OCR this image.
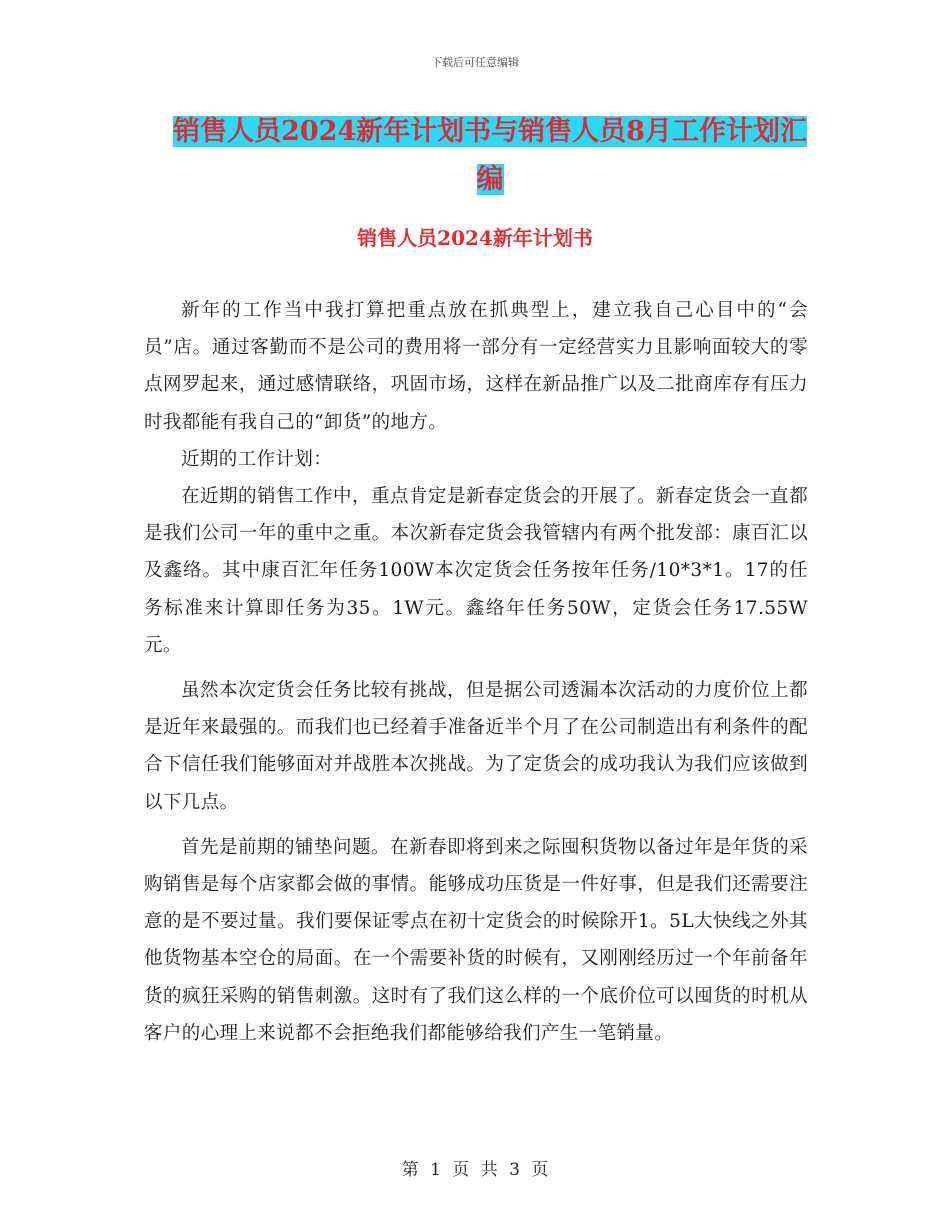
下载后可任意编辑
销售人员2024新年计划书与销售人员8月工作计划汇编
销售人员2024新年计划书

新年的工作当中我打算把重点放在抓典型上，建立我自己心目中的“会员”店。通过客勤而不是公司的费用将一部分有一定经营实力且影响面较大的零点网罗起来，通过感情联络，巩固市场，这样在新品推广以及二批商库存有压力时我都能有我自己的“卸货”的地方。

近期的工作计划：

在近期的销售工作中，重点肯定是新春定货会的开展了。新春定货会一直都是我们公司一年的重中之重。本次新春定货会我管辖内有两个批发部：康百汇以及鑫络。其中康百汇年任务100W本次定货会任务按年任务/10*3*1。17的任务标准来计算即任务为35。1W元。鑫络年任务50W，定货会任务17.55W元。

虽然本次定货会任务比较有挑战，但是据公司透漏本次活动的力度价位上都是近年来最强的。而我们也已经着手准备近半个月了在公司制造出有利条件的配合下信任我们能够面对并战胜本次挑战。为了定货会的成功我认为我们应该做到以下几点。

首先是前期的铺垫问题。在新春即将到来之际囤积货物以备过年是年货的采购销售是每个店家都会做的事情。能够成功压货是一件好事，但是我们还需要注意的是不要过量。我们要保证零点在初十定货会的时候除开1。5L大快线之外其他货物基本空仓的局面。在一个需要补货的时候有，又刚刚经历过一个年前备年货的疯狂采购的销售刺激。这时有了我们这么样的一个底价位可以囤货的时机从客户的心理上来说都不会拒绝我们都能够给我们产生一笔销量。

第 1 页 共 3 页
